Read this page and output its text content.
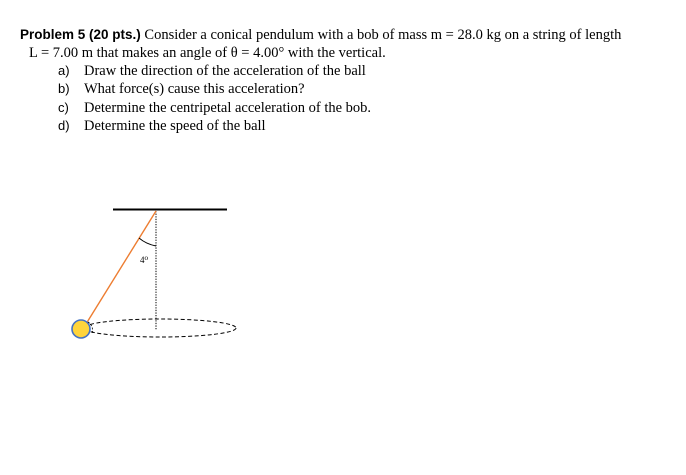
Problem 5 (20 pts.) Consider a conical pendulum with a bob of mass m = 28.0 kg on a string of length
L = 7.00 m that makes an angle of θ = 4.00° with the vertical.
a) Draw the direction of the acceleration of the ball
b) What force(s) cause this acceleration?
c) Determine the centripetal acceleration of the bob.
d) Determine the speed of the ball
4⁰
